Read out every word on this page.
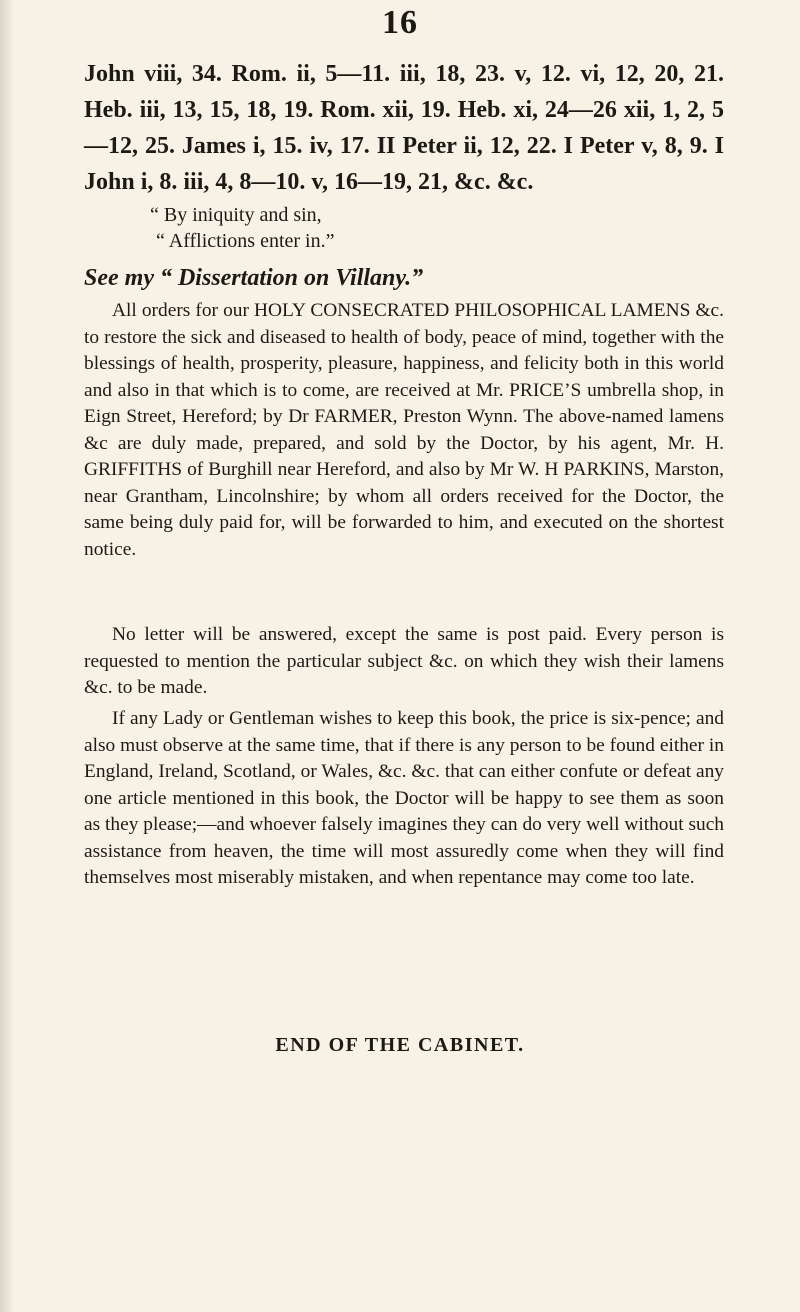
16
John viii, 34. Rom. ii, 5—11. iii, 18, 23. v, 12. vi, 12, 20, 21. Heb. iii, 13, 15, 18, 19. Rom. xii, 19. Heb. xi, 24—26 xii, 1, 2, 5—12, 25. James i, 15. iv, 17. II Peter ii, 12, 22. I Peter v, 8, 9. I John i, 8. iii, 4, 8—10. v, 16—19, 21, &c. &c.
“ By iniquity and sin,
“ Afflictions enter in.”
See my “ Dissertation on Villany.”
All orders for our HOLY CONSECRATED PHILOSOPHICAL LAMENS &c. to restore the sick and diseased to health of body, peace of mind, together with the blessings of health, prosperity, pleasure, happiness, and felicity both in this world and also in that which is to come, are received at Mr. PRICE’S umbrella shop, in Eign Street, Hereford; by Dr FARMER, Preston Wynn. The above-named lamens &c are duly made, prepared, and sold by the Doctor, by his agent, Mr. H. GRIFFITHS of Burghill near Hereford, and also by Mr W. H PARKINS, Marston, near Grantham, Lincolnshire; by whom all orders received for the Doctor, the same being duly paid for, will be forwarded to him, and executed on the shortest notice.
No letter will be answered, except the same is post paid. Every person is requested to mention the particular subject &c. on which they wish their lamens &c. to be made.
If any Lady or Gentleman wishes to keep this book, the price is six-pence; and also must observe at the same time, that if there is any person to be found either in England, Ireland, Scotland, or Wales, &c. &c. that can either confute or defeat any one article mentioned in this book, the Doctor will be happy to see them as soon as they please;—and whoever falsely imagines they can do very well without such assistance from heaven, the time will most assuredly come when they will find themselves most miserably mistaken, and when repentance may come too late.
END OF THE CABINET.
